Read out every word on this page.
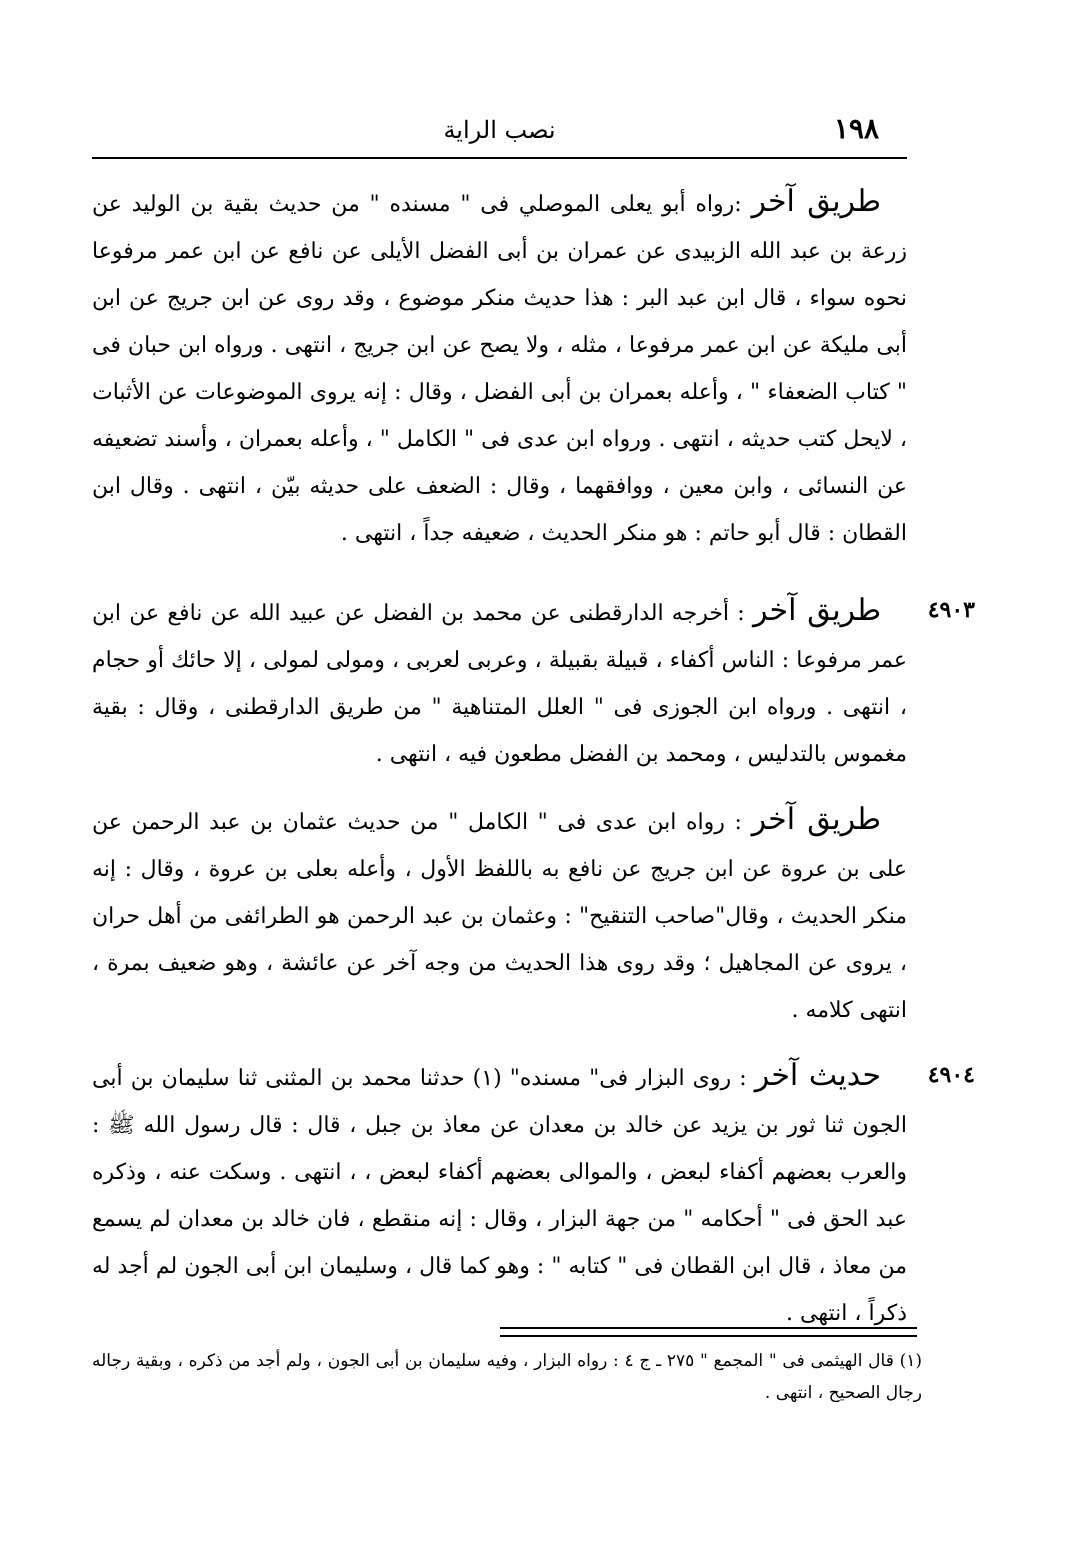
١٩٨
نصب الراية

طريق آخر :رواه أبو يعلى الموصلي فى " مسنده " من حديث بقية بن الوليد عن زرعة بن عبد الله الزبيدى عن عمران بن أبى الفضل الأيلى عن نافع عن ابن عمر مرفوعا نحوه سواء ، قال ابن عبد البر : هذا حديث منكر موضوع ، وقد روى عن ابن جريج عن ابن أبى مليكة عن ابن عمر مرفوعا ، مثله ، ولا يصح عن ابن جريج ، انتهى . ورواه ابن حبان فى " كتاب الضعفاء " ، وأعله بعمران بن أبى الفضل ، وقال : إنه يروى الموضوعات عن الأثبات ، لايحل كتب حديثه ، انتهى . ورواه ابن عدى فى " الكامل " ، وأعله بعمران ، وأسند تضعيفه عن النسائى ، وابن معين ، ووافقهما ، وقال : الضعف على حديثه بيّن ، انتهى . وقال ابن القطان : قال أبو حاتم : هو منكر الحديث ، ضعيفه جداً ، انتهى .

٤٩٠٣

طريق آخر : أخرجه الدارقطنى عن محمد بن الفضل عن عبيد الله عن نافع عن ابن عمر مرفوعا : الناس أكفاء ، قبيلة بقبيلة ، وعربى لعربى ، ومولى لمولى ، إلا حائك أو حجام ، انتهى . ورواه ابن الجوزى فى " العلل المتناهية " من طريق الدارقطنى ، وقال : بقية مغموس بالتدليس ، ومحمد بن الفضل مطعون فيه ، انتهى .

طريق آخر : رواه ابن عدى فى " الكامل " من حديث عثمان بن عبد الرحمن عن على بن عروة عن ابن جريج عن نافع به باللفظ الأول ، وأعله بعلى بن عروة ، وقال : إنه منكر الحديث ، وقال"صاحب التنقيح" : وعثمان بن عبد الرحمن هو الطرائفى من أهل حران ، يروى عن المجاهيل ؛ وقد روى هذا الحديث من وجه آخر عن عائشة ، وهو ضعيف بمرة ، انتهى كلامه .

٤٩٠٤

حديث آخر : روى البزار فى" مسنده" (١) حدثنا محمد بن المثنى ثنا سليمان بن أبى الجون ثنا ثور بن يزيد عن خالد بن معدان عن معاذ بن جبل ، قال : قال رسول الله ﷺ : والعرب بعضهم أكفاء لبعض ، والموالى بعضهم أكفاء لبعض ، ، انتهى . وسكت عنه ، وذكره عبد الحق فى " أحكامه " من جهة البزار ، وقال : إنه منقطع ، فان خالد بن معدان لم يسمع من معاذ ، قال ابن القطان فى " كتابه " : وهو كما قال ، وسليمان ابن أبى الجون لم أجد له ذكراً ، انتهى .

(١) قال الهيثمى فى " المجمع " ٢٧٥ ـ ج ٤ : رواه البزار ، وفيه سليمان بن أبى الجون ، ولم أجد من ذكره ، وبقية رجاله رجال الصحيح ، انتهى .
